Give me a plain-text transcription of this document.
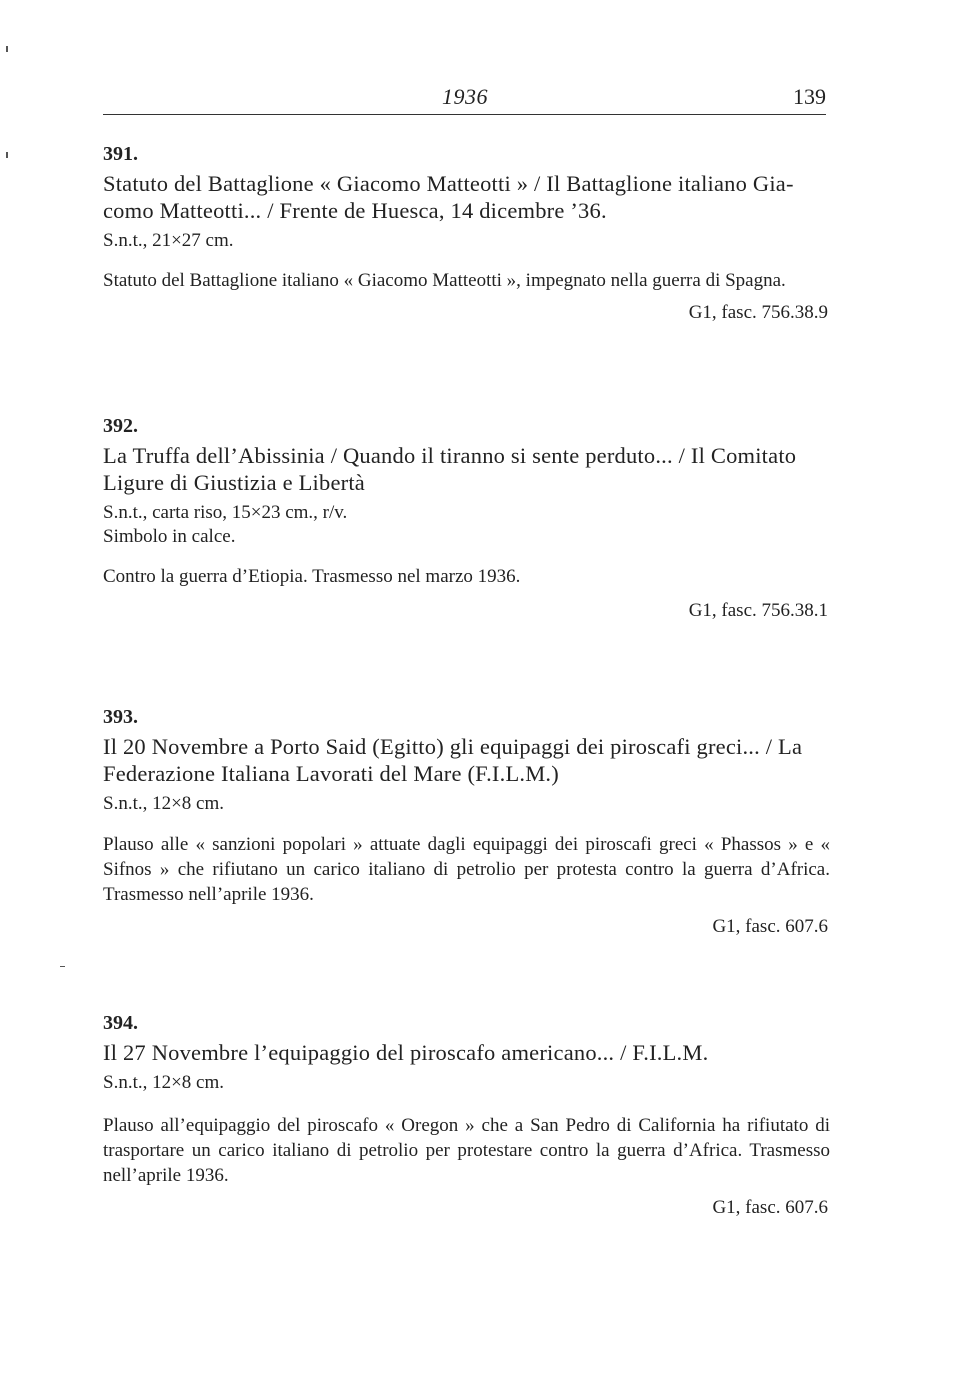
1936	139

391.

Statuto del Battaglione « Giacomo Matteotti » / Il Battaglione italiano Gia-
como Matteotti... / Frente de Huesca, 14 dicembre ’36.

S.n.t., 21×27 cm.

Statuto del Battaglione italiano « Giacomo Matteotti », impegnato nella guerra di Spagna.

G1, fasc. 756.38.9

392.

La Truffa dell’Abissinia / Quando il tiranno si sente perduto... / Il Comitato
Ligure di Giustizia e Libertà

S.n.t., carta riso, 15×23 cm., r/v.

Simbolo in calce.

Contro la guerra d’Etiopia. Trasmesso nel marzo 1936.

G1, fasc. 756.38.1

393.

Il 20 Novembre a Porto Said (Egitto) gli equipaggi dei piroscafi greci... / La
Federazione Italiana Lavorati del Mare (F.I.L.M.)

S.n.t., 12×8 cm.

Plauso alle « sanzioni popolari » attuate dagli equipaggi dei piroscafi greci « Phassos » e « Sifnos » che rifiutano un carico italiano di petrolio per protesta contro la guerra d’Africa. Trasmesso nell’aprile 1936.

G1, fasc. 607.6

394.

Il 27 Novembre l’equipaggio del piroscafo americano... / F.I.L.M.

S.n.t., 12×8 cm.

Plauso all’equipaggio del piroscafo « Oregon » che a San Pedro di California ha rifiutato di trasportare un carico italiano di petrolio per protestare contro la guerra d’Africa. Trasmesso nell’aprile 1936.

G1, fasc. 607.6
